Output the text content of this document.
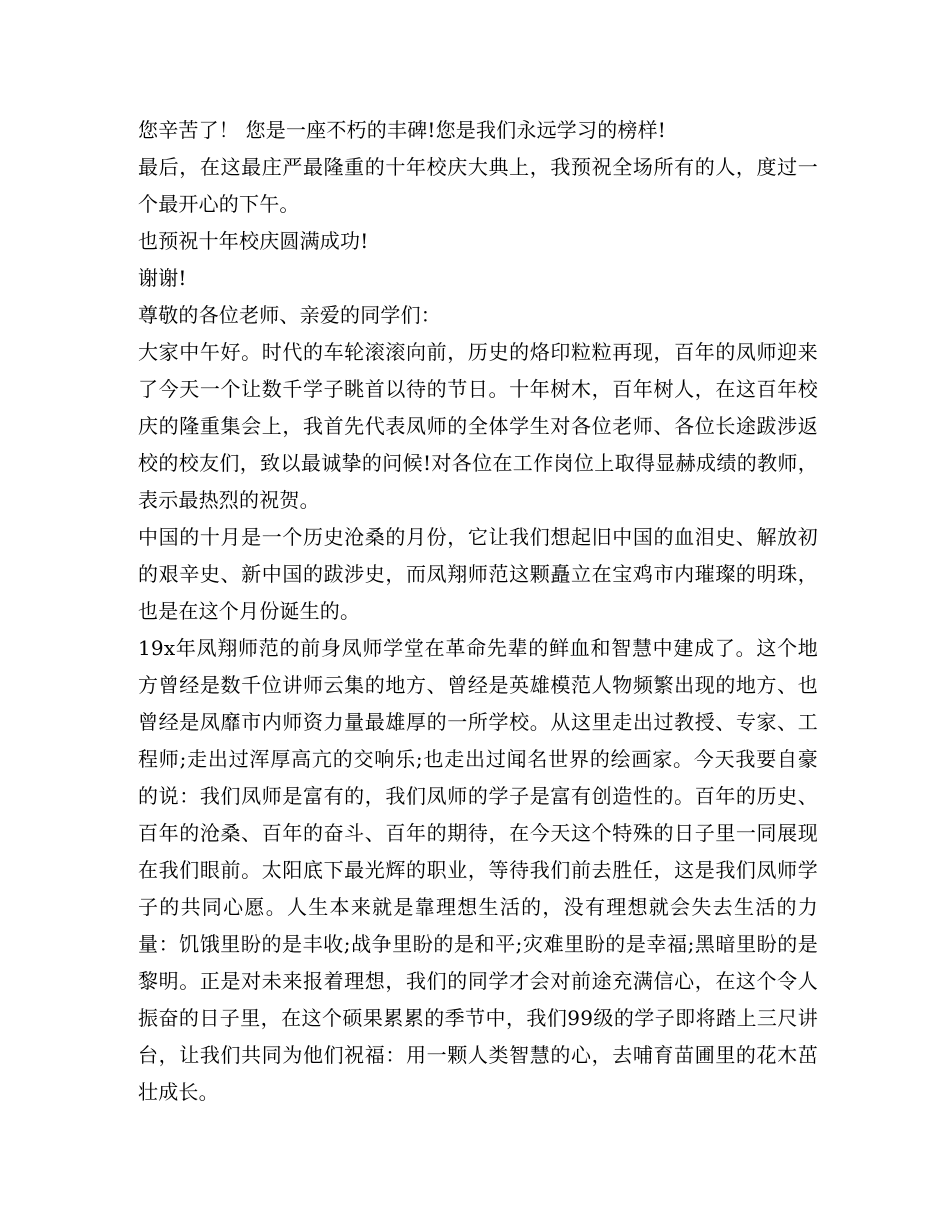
您辛苦了！ 您是一座不朽的丰碑!您是我们永远学习的榜样!

最后，在这最庄严最隆重的十年校庆大典上，我预祝全场所有的人，度过一个最开心的下午。

也预祝十年校庆圆满成功!

谢谢!

尊敬的各位老师、亲爱的同学们：

大家中午好。时代的车轮滚滚向前，历史的烙印粒粒再现，百年的凤师迎来了今天一个让数千学子眺首以待的节日。十年树木，百年树人，在这百年校庆的隆重集会上，我首先代表凤师的全体学生对各位老师、各位长途跋涉返校的校友们，致以最诚挚的问候!对各位在工作岗位上取得显赫成绩的教师，表示最热烈的祝贺。

中国的十月是一个历史沧桑的月份，它让我们想起旧中国的血泪史、解放初的艰辛史、新中国的跋涉史，而凤翔师范这颗矗立在宝鸡市内璀璨的明珠，也是在这个月份诞生的。

19x年凤翔师范的前身凤师学堂在革命先辈的鲜血和智慧中建成了。这个地方曾经是数千位讲师云集的地方、曾经是英雄模范人物频繁出现的地方、也曾经是凤靡市内师资力量最雄厚的一所学校。从这里走出过教授、专家、工程师;走出过浑厚高亢的交响乐;也走出过闻名世界的绘画家。今天我要自豪的说：我们凤师是富有的，我们凤师的学子是富有创造性的。百年的历史、百年的沧桑、百年的奋斗、百年的期待，在今天这个特殊的日子里一同展现在我们眼前。太阳底下最光辉的职业，等待我们前去胜任，这是我们凤师学子的共同心愿。人生本来就是靠理想生活的，没有理想就会失去生活的力量：饥饿里盼的是丰收;战争里盼的是和平;灾难里盼的是幸福;黑暗里盼的是黎明。正是对未来报着理想，我们的同学才会对前途充满信心，在这个令人振奋的日子里，在这个硕果累累的季节中，我们99级的学子即将踏上三尺讲台，让我们共同为他们祝福：用一颗人类智慧的心，去哺育苗圃里的花木茁壮成长。
